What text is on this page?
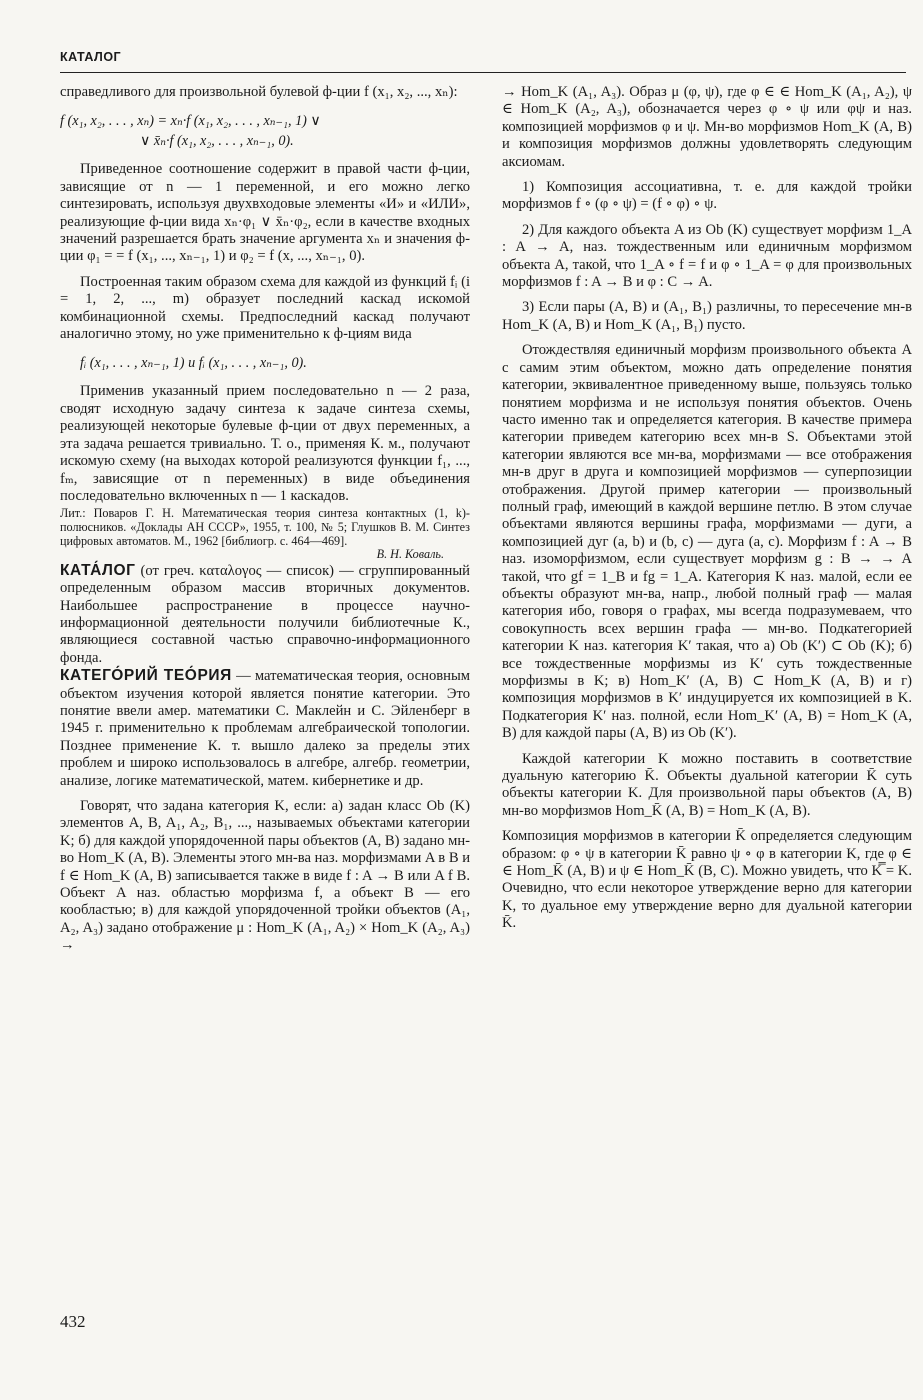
КАТАЛОГ

справедливого для произвольной булевой ф-ции f (x₁, x₂, ..., xₙ):

f (x₁, x₂, . . . , xₙ) = xₙ·f (x₁, x₂, . . . , xₙ₋₁, 1) ∨
∨ x̄ₙ·f (x₁, x₂, . . . , xₙ₋₁, 0).

Приведенное соотношение содержит в правой части ф-ции, зависящие от n — 1 переменной, и его можно легко синтезировать, используя двухвходовые элементы «И» и «ИЛИ», реализующие ф-ции вида xₙ·φ₁ ∨ x̄ₙ·φ₂, если в качестве входных значений разрешается брать значение аргумента xₙ и значения ф-ции φ₁ = = f (x₁, ..., xₙ₋₁, 1) и φ₂ = f (x, ..., xₙ₋₁, 0).

Построенная таким образом схема для каждой из функций fᵢ (i = 1, 2, ..., m) образует последний каскад искомой комбинационной схемы. Предпоследний каскад получают аналогично этому, но уже применительно к ф-циям вида

fᵢ (x₁, . . . , xₙ₋₁, 1) и fᵢ (x₁, . . . , xₙ₋₁, 0).

Применив указанный прием последовательно n — 2 раза, сводят исходную задачу синтеза к задаче синтеза схемы, реализующей некоторые булевые ф-ции от двух переменных, а эта задача решается тривиально. Т. о., применяя К. м., получают искомую схему (на выходах которой реализуются функции f₁, ..., fₘ, зависящие от n переменных) в виде объединения последовательно включенных n — 1 каскадов.

Лит.: Поваров Г. Н. Математическая теория синтеза контактных (1, k)-полюсников. «Доклады АН СССР», 1955, т. 100, № 5; Глушков В. М. Синтез цифровых автоматов. М., 1962 [библиогр. с. 464—469].
В. Н. Коваль.

КАТА́ЛОГ (от греч. καταλογος — список) — сгруппированный определенным образом массив вторичных документов. Наибольшее распространение в процессе научно-информационной деятельности получили библиотечные К., являющиеся составной частью справочно-информационного фонда.

КАТЕГО́РИЙ ТЕО́РИЯ — математическая теория, основным объектом изучения которой является понятие категории. Это понятие ввели амер. математики С. Маклейн и С. Эйленберг в 1945 г. применительно к проблемам алгебраической топологии. Позднее применение К. т. вышло далеко за пределы этих проблем и широко использовалось в алгебре, алгебр. геометрии, анализе, логике математической, матем. кибернетике и др.

Говорят, что задана категория K, если: а) задан класс Ob (K) элементов A, B, A₁, A₂, B₁, ..., называемых объектами категории K; б) для каждой упорядоченной пары объектов (A, B) задано мн-во Hom_K (A, B). Элементы этого мн-ва наз. морфизмами A в B и f ∈ Hom_K (A, B) записывается также в виде f : A → B или A f B. Объект A наз. областью морфизма f, а объект B — его кообластью; в) для каждой упорядоченной тройки объектов (A₁, A₂, A₃) задано отображение μ : Hom_K (A₁, A₂) × Hom_K (A₂, A₃) →

→ Hom_K (A₁, A₃). Образ μ (φ, ψ), где φ ∈ ∈ Hom_K (A₁, A₂), ψ ∈ Hom_K (A₂, A₃), обозначается через φ ∘ ψ или φψ и наз. композицией морфизмов φ и ψ. Мн-во морфизмов Hom_K (A, B) и композиция морфизмов должны удовлетворять следующим аксиомам.

1) Композиция ассоциативна, т. е. для каждой тройки морфизмов f ∘ (φ ∘ ψ) = (f ∘ φ) ∘ ψ.

2) Для каждого объекта A из Ob (K) существует морфизм 1_A : A → A, наз. тождественным или единичным морфизмом объекта A, такой, что 1_A ∘ f = f и φ ∘ 1_A = φ для произвольных морфизмов f : A → B и φ : C → A.

3) Если пары (A, B) и (A₁, B₁) различны, то пересечение мн-в Hom_K (A, B) и Hom_K (A₁, B₁) пусто.

Отождествляя единичный морфизм произвольного объекта A с самим этим объектом, можно дать определение понятия категории, эквивалентное приведенному выше, пользуясь только понятием морфизма и не используя понятия объектов. Очень часто именно так и определяется категория. В качестве примера категории приведем категорию всех мн-в S. Объектами этой категории являются все мн-ва, морфизмами — все отображения мн-в друг в друга и композицией морфизмов — суперпозиции отображения. Другой пример категории — произвольный полный граф, имеющий в каждой вершине петлю. В этом случае объектами являются вершины графа, морфизмами — дуги, а композицией дуг (a, b) и (b, c) — дуга (a, c). Морфизм f : A → B наз. изоморфизмом, если существует морфизм g : B → → A такой, что gf = 1_B и fg = 1_A. Категория K наз. малой, если ее объекты образуют мн-ва, напр., любой полный граф — малая категория ибо, говоря о графах, мы всегда подразумеваем, что совокупность всех вершин графа — мн-во. Подкатегорией категории K наз. категория K′ такая, что а) Ob (K′) ⊂ Ob (K); б) все тождественные морфизмы из K′ суть тождественные морфизмы в K; в) Hom_K′ (A, B) ⊂ Hom_K (A, B) и г) композиция морфизмов в K′ индуцируется их композицией в K. Подкатегория K′ наз. полной, если Hom_K′ (A, B) = Hom_K (A, B) для каждой пары (A, B) из Ob (K′).

Каждой категории K можно поставить в соответствие дуальную категорию K̄. Объекты дуальной категории K̄ суть объекты категории K. Для произвольной пары объектов (A, B) мн-во морфизмов Hom_K̄ (A, B) = Hom_K (A, B).

Композиция морфизмов в категории K̄ определяется следующим образом: φ ∘ ψ в категории K̄ равно ψ ∘ φ в категории K, где φ ∈ ∈ Hom_K̄ (A, B) и ψ ∈ Hom_K̄ (B, C). Можно увидеть, что K̿ = K. Очевидно, что если некоторое утверждение верно для категории K, то дуальное ему утверждение верно для дуальной категории K̄.

432
